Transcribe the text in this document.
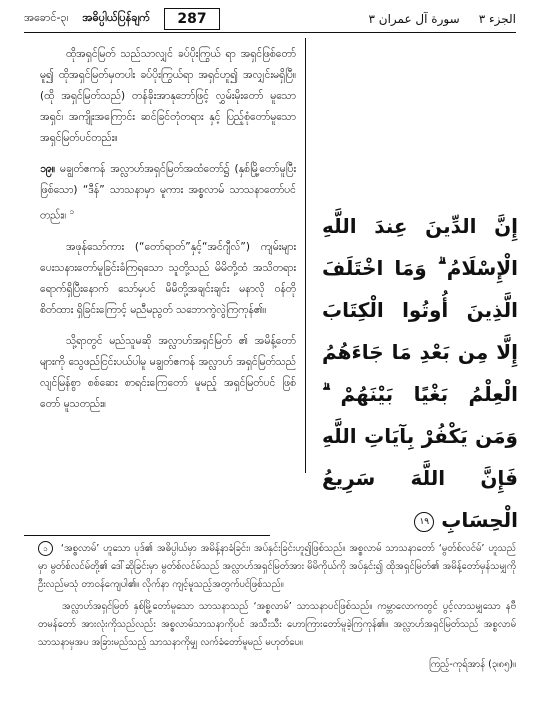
အခောင်-၃၊ အဓိပ္ပါယ်ပြန်ချက်	287	الجزء ٣     سورة آل عمران ٣

ထိုအရှင်မြတ် သည်သာလျှင် ခပ်ပိုးကြွယ် ရာ အရှင်ဖြစ်တော်မူ၍ ထိုအရှင်မြတ်မှတပါး ခပ်ပိုးကြွယ်ရာ အရှင်ဟူ၍ အလျှင်းမရှိပြီ။ (ထို အရှင်မြတ်သည်) တန်ခိုးအာနုဘော်ဖြင့် လွှမ်းမိုးတော် မူသောအရှင်၊ အကျိုးအကြောင်း ဆင်ခြင်တုံတရား နှင့် ပြည့်စုံတော်မူသောအရှင်မြတ်ပင်တည်း။

၁၉။ မချွတ်ဧကန် အလ္လာဟ်အရှင်မြတ်အထံတော်၌ (နှစ်မြို့တော်မူပြီးဖြစ်သော) “ဒီန်” သာသနာမှာ မူကား အစ္စလာမ် သာသနာတော်ပင်တည်း။ $^၁$

အဖုန်သော်ကား (“တော်ရာတ်”နှင့်“အင်ဂျီလ်”) ကျမ်းများ ပေးသနားတော်မူခြင်းခံကြရသော သူတို့သည် မိမိတို့ထံ အသိတရား ရောက်ရှိပြီးနောက် သော်မှပင် မိမိတို့အချင်းချင်း မနာလို ဝန်တိုစိတ်ထား ရှိခြင်းကြောင့် မညီမညွတ် သဘောကွဲလွဲကြကုန်၏။

သို့ရာတွင် မည်သူမဆို အလ္လာဟ်အရှင်မြတ် ၏ အမိန့်တော်များကို သွေဖည်ငြင်းပယ်ပါမူ မချွတ်ဧကန် အလ္လာဟ် အရှင်မြတ်သည် လျင်မြန်စွာ စစ်ဆေး စာရင်းကြေတော် မူမည့် အရှင်မြတ်ပင် ဖြစ်တော် မူသတည်း။

إِنَّ الدِّينَ عِندَ اللَّهِ الْإِسْلَامُ ۗ وَمَا اخْتَلَفَ الَّذِينَ أُوتُوا الْكِتَابَ إِلَّا مِن بَعْدِ مَا جَاءَهُمُ الْعِلْمُ بَغْيًا بَيْنَهُمْ ۗ وَمَن يَكْفُرْ بِآيَاتِ اللَّهِ فَإِنَّ اللَّهَ سَرِيعُ الْحِسَابِ ١٩

၁ ‘အစ္စလာမ်’ ဟူသော ပုဒ်၏ အဓိပ္ပါယ်မှာ အမိန့်နာခံခြင်း၊ အပ်နှင်းခြင်းဟူ၍ဖြစ်သည်။ အစ္စလာမ် သာသနာတော် ‘မွတ်စ်လင်မ်’ ဟူသည်မှာ မွတ်စ်လင်မ်တို့၏ ဒေါ်ဆိုခြင်းမှာ မွတ်စ်လင်မ်သည် အလ္လာဟ်အရှင်မြတ်အား မိမိကိုယ်ကို အပ်နှင်း၍ ထိုအရှင်မြတ်၏ အမိန့်တော်မှန်သမျှကို ဦးလည်မသုံ တာဝန်ကျေပါ၏။ လိုက်နာ ကျင့်မူသည့်အတွက်ပင်ဖြစ်သည်။

အလ္လာဟ်အရှင်မြတ် နှစ်မြို့တော်မူသော သာသနာသည် ‘အစ္စလာမ်’ သာသနာပင်ဖြစ်သည်။ ကမ္ဘာလောကတွင် ပွင့်လာသမျှသော နဗီတမန်တော် အားလုံးကိုသည်လည်း အစ္စလာမ်သာသနာကိုပင် အသီးသီး ဟောကြားတော်မူခဲ့ကြကုန်၏။ အလ္လာဟ်အရှင်မြတ်သည် အစ္စလာမ်သာသနာမှအပ အခြားမည်သည့် သာသနာကိုမျှ လက်ခံတော်မူမည် မဟုတ်ပေ။

ကြည့်-ကုရ်အာန် (၃၊၈၅)။
